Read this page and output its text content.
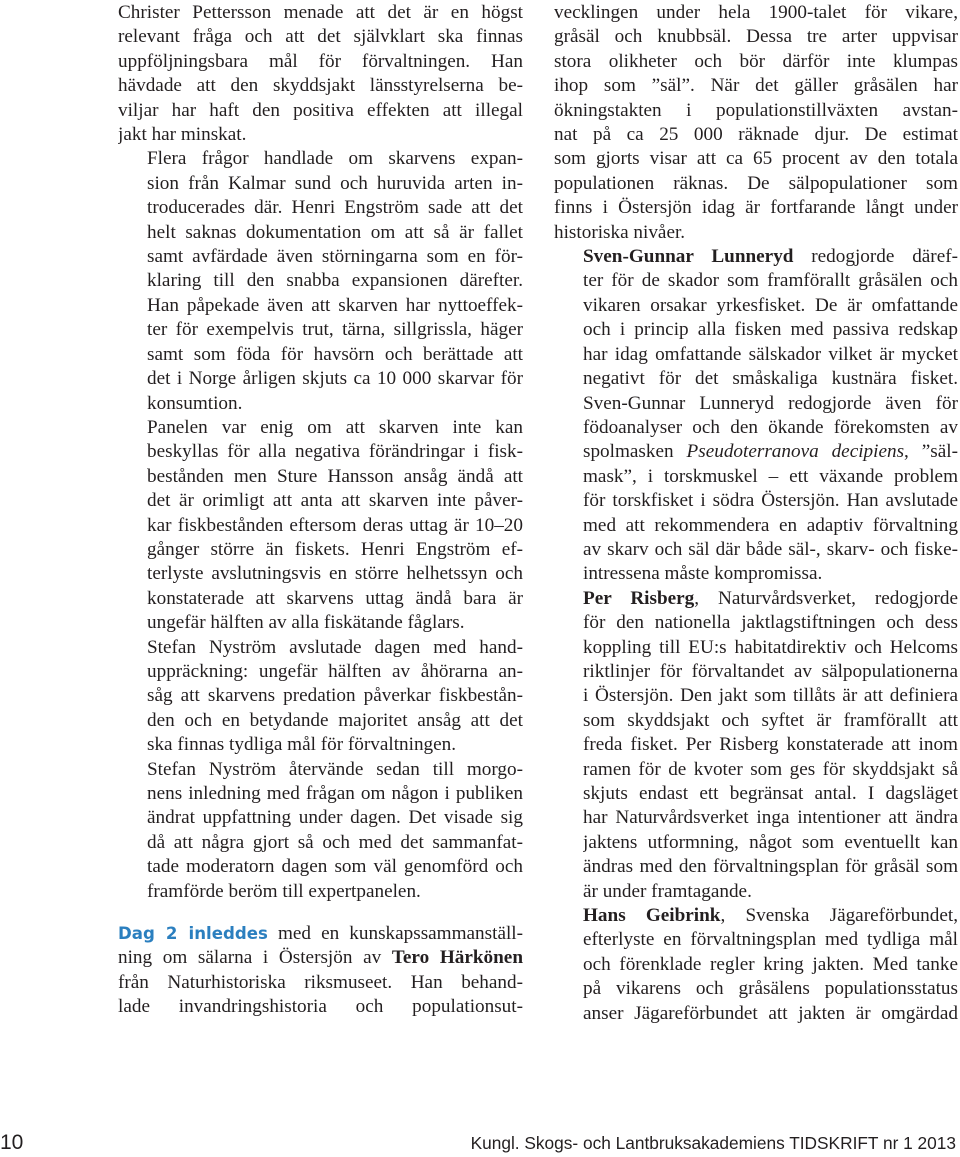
Christer Pettersson menade att det är en högst
relevant fråga och att det självklart ska finnas
uppföljningsbara mål för förvaltningen. Han
hävdade att den skyddsjakt länsstyrelserna be-
viljar har haft den positiva effekten att illegal
jakt har minskat.

Flera frågor handlade om skarvens expan-
sion från Kalmar sund och huruvida arten in-
troducerades där. Henri Engström sade att det
helt saknas dokumentation om att så är fallet
samt avfärdade även störningarna som en för-
klaring till den snabba expansionen därefter.
Han påpekade även att skarven har nyttoeffek-
ter för exempelvis trut, tärna, sillgrissla, häger
samt som föda för havsörn och berättade att
det i Norge årligen skjuts ca 10 000 skarvar för
konsumtion.

Panelen var enig om att skarven inte kan
beskyllas för alla negativa förändringar i fisk-
bestånden men Sture Hansson ansåg ändå att
det är orimligt att anta att skarven inte påver-
kar fiskbestånden eftersom deras uttag är 10–20
gånger större än fiskets. Henri Engström ef-
terlyste avslutningsvis en större helhetssyn och
konstaterade att skarvens uttag ändå bara är
ungefär hälften av alla fiskätande fåglars.

Stefan Nyström avslutade dagen med hand-
uppräckning: ungefär hälften av åhörarna an-
såg att skarvens predation påverkar fiskbestån-
den och en betydande majoritet ansåg att det
ska finnas tydliga mål för förvaltningen.

Stefan Nyström återvände sedan till morgo-
nens inledning med frågan om någon i publiken
ändrat uppfattning under dagen. Det visade sig
då att några gjort så och med det sammanfat-
tade moderatorn dagen som väl genomförd och
framförde beröm till expertpanelen.

Dag 2 inleddes med en kunskapssammanställ-
ning om sälarna i Östersjön av Tero Härkönen
från Naturhistoriska riksmuseet. Han behand-
lade invandringshistoria och populationsut-

vecklingen under hela 1900-talet för vikare,
gråsäl och knubbsäl. Dessa tre arter uppvisar
stora olikheter och bör därför inte klumpas
ihop som ”säl”. När det gäller gråsälen har
ökningstakten i populationstillväxten avstan-
nat på ca 25 000 räknade djur. De estimat
som gjorts visar att ca 65 procent av den totala
populationen räknas. De sälpopulationer som
finns i Östersjön idag är fortfarande långt under
historiska nivåer.

Sven-Gunnar Lunneryd redogjorde däref-
ter för de skador som framförallt gråsälen och
vikaren orsakar yrkesfisket. De är omfattande
och i princip alla fisken med passiva redskap
har idag omfattande sälskador vilket är mycket
negativt för det småskaliga kustnära fisket.
Sven-Gunnar Lunneryd redogjorde även för
födoanalyser och den ökande förekomsten av
spolmasken Pseudoterranova decipiens, ”säl-
mask”, i torskmuskel – ett växande problem
för torskfisket i södra Östersjön. Han avslutade
med att rekommendera en adaptiv förvaltning
av skarv och säl där både säl-, skarv- och fiske-
intressena måste kompromissa.

Per Risberg, Naturvårdsverket, redogjorde
för den nationella jaktlagstiftningen och dess
koppling till EU:s habitatdirektiv och Helcoms
riktlinjer för förvaltandet av sälpopulationerna
i Östersjön. Den jakt som tillåts är att definiera
som skyddsjakt och syftet är framförallt att
freda fisket. Per Risberg konstaterade att inom
ramen för de kvoter som ges för skyddsjakt så
skjuts endast ett begränsat antal. I dagsläget
har Naturvårdsverket inga intentioner att ändra
jaktens utformning, något som eventuellt kan
ändras med den förvaltningsplan för gråsäl som
är under framtagande.

Hans Geibrink, Svenska Jägareförbundet,
efterlyste en förvaltningsplan med tydliga mål
och förenklade regler kring jakten. Med tanke
på vikarens och gråsälens populationsstatus
anser Jägareförbundet att jakten är omgärdad

10	Kungl. Skogs- och Lantbruksakademiens TIDSKRIFT nr 1 2013
